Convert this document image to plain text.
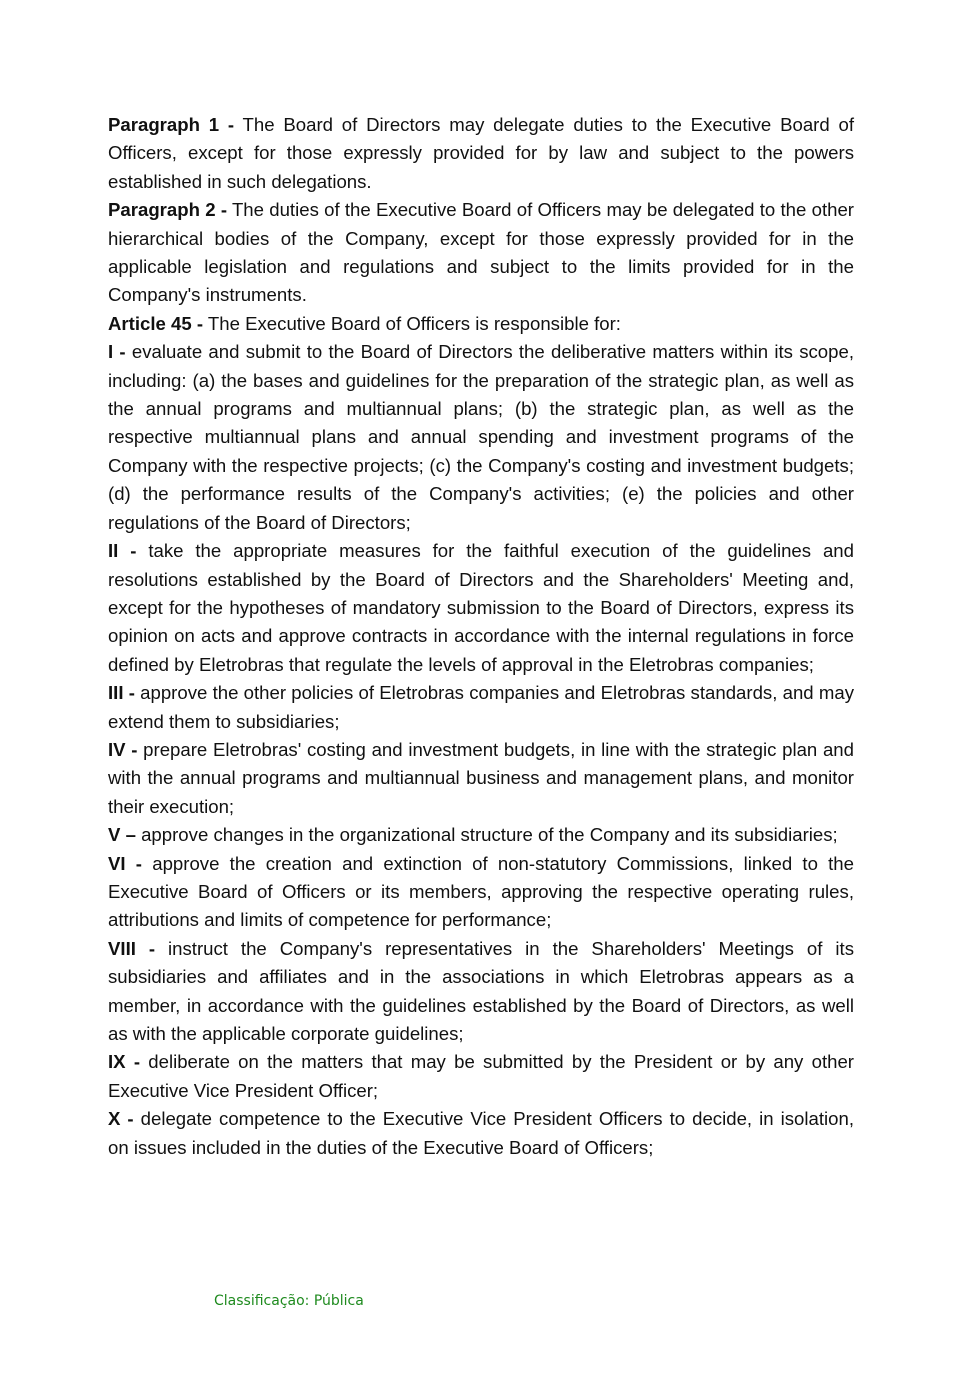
Paragraph 1 - The Board of Directors may delegate duties to the Executive Board of Officers, except for those expressly provided for by law and subject to the powers established in such delegations.

Paragraph 2 - The duties of the Executive Board of Officers may be delegated to the other hierarchical bodies of the Company, except for those expressly provided for in the applicable legislation and regulations and subject to the limits provided for in the Company's instruments.

Article 45 - The Executive Board of Officers is responsible for:

I - evaluate and submit to the Board of Directors the deliberative matters within its scope, including: (a) the bases and guidelines for the preparation of the strategic plan, as well as the annual programs and multiannual plans; (b) the strategic plan, as well as the respective multiannual plans and annual spending and investment programs of the Company with the respective projects; (c) the Company's costing and investment budgets; (d) the performance results of the Company's activities; (e) the policies and other regulations of the Board of Directors;

II - take the appropriate measures for the faithful execution of the guidelines and resolutions established by the Board of Directors and the Shareholders' Meeting and, except for the hypotheses of mandatory submission to the Board of Directors, express its opinion on acts and approve contracts in accordance with the internal regulations in force defined by Eletrobras that regulate the levels of approval in the Eletrobras companies;

III - approve the other policies of Eletrobras companies and Eletrobras standards, and may extend them to subsidiaries;

IV - prepare Eletrobras' costing and investment budgets, in line with the strategic plan and with the annual programs and multiannual business and management plans, and monitor their execution;

V – approve changes in the organizational structure of the Company and its subsidiaries;

VI - approve the creation and extinction of non-statutory Commissions, linked to the Executive Board of Officers or its members, approving the respective operating rules, attributions and limits of competence for performance;

VIII - instruct the Company's representatives in the Shareholders' Meetings of its subsidiaries and affiliates and in the associations in which Eletrobras appears as a member, in accordance with the guidelines established by the Board of Directors, as well as with the applicable corporate guidelines;

IX - deliberate on the matters that may be submitted by the President or by any other Executive Vice President Officer;

X - delegate competence to the Executive Vice President Officers to decide, in isolation, on issues included in the duties of the Executive Board of Officers;

Classificação: Pública
